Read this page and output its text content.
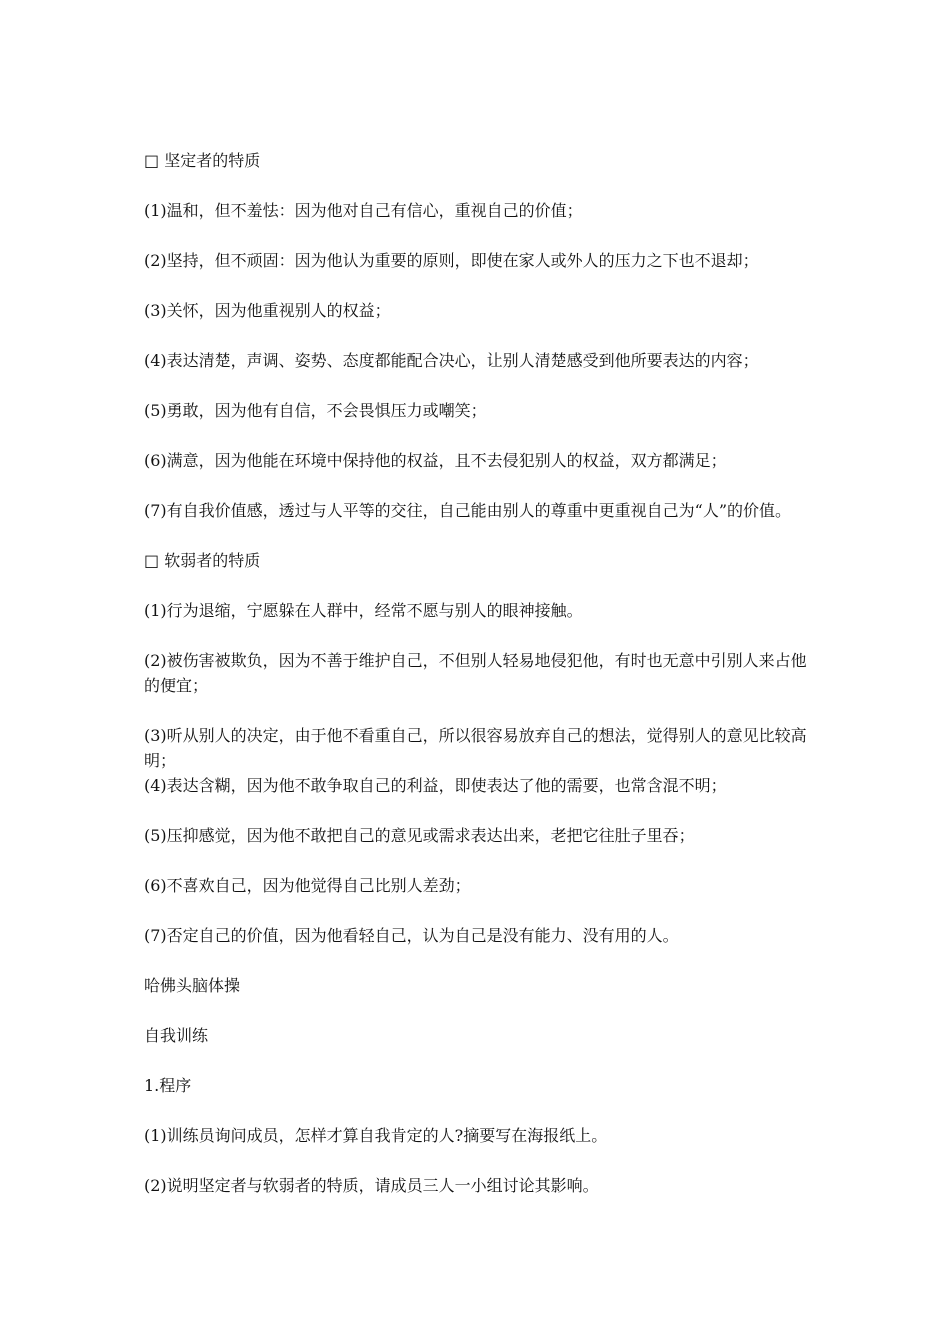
□ 坚定者的特质

(1)温和，但不羞怯：因为他对自己有信心，重视自己的价值；

(2)坚持，但不顽固：因为他认为重要的原则，即使在家人或外人的压力之下也不退却；

(3)关怀，因为他重视别人的权益；

(4)表达清楚，声调、姿势、态度都能配合决心，让别人清楚感受到他所要表达的内容；

(5)勇敢，因为他有自信，不会畏惧压力或嘲笑；

(6)满意，因为他能在环境中保持他的权益，且不去侵犯别人的权益，双方都满足；

(7)有自我价值感，透过与人平等的交往，自己能由别人的尊重中更重视自己为“人”的价值。

□ 软弱者的特质

(1)行为退缩，宁愿躲在人群中，经常不愿与别人的眼神接触。

(2)被伤害被欺负，因为不善于维护自己，不但别人轻易地侵犯他，有时也无意中引别人来占他的便宜；

(3)听从别人的决定，由于他不看重自己，所以很容易放弃自己的想法，觉得别人的意见比较高明；

(4)表达含糊，因为他不敢争取自己的利益，即使表达了他的需要，也常含混不明；

(5)压抑感觉，因为他不敢把自己的意见或需求表达出来，老把它往肚子里吞；

(6)不喜欢自己，因为他觉得自己比别人差劲；

(7)否定自己的价值，因为他看轻自己，认为自己是没有能力、没有用的人。

哈佛头脑体操

自我训练

1.程序

(1)训练员询问成员，怎样才算自我肯定的人?摘要写在海报纸上。

(2)说明坚定者与软弱者的特质，请成员三人一小组讨论其影响。
